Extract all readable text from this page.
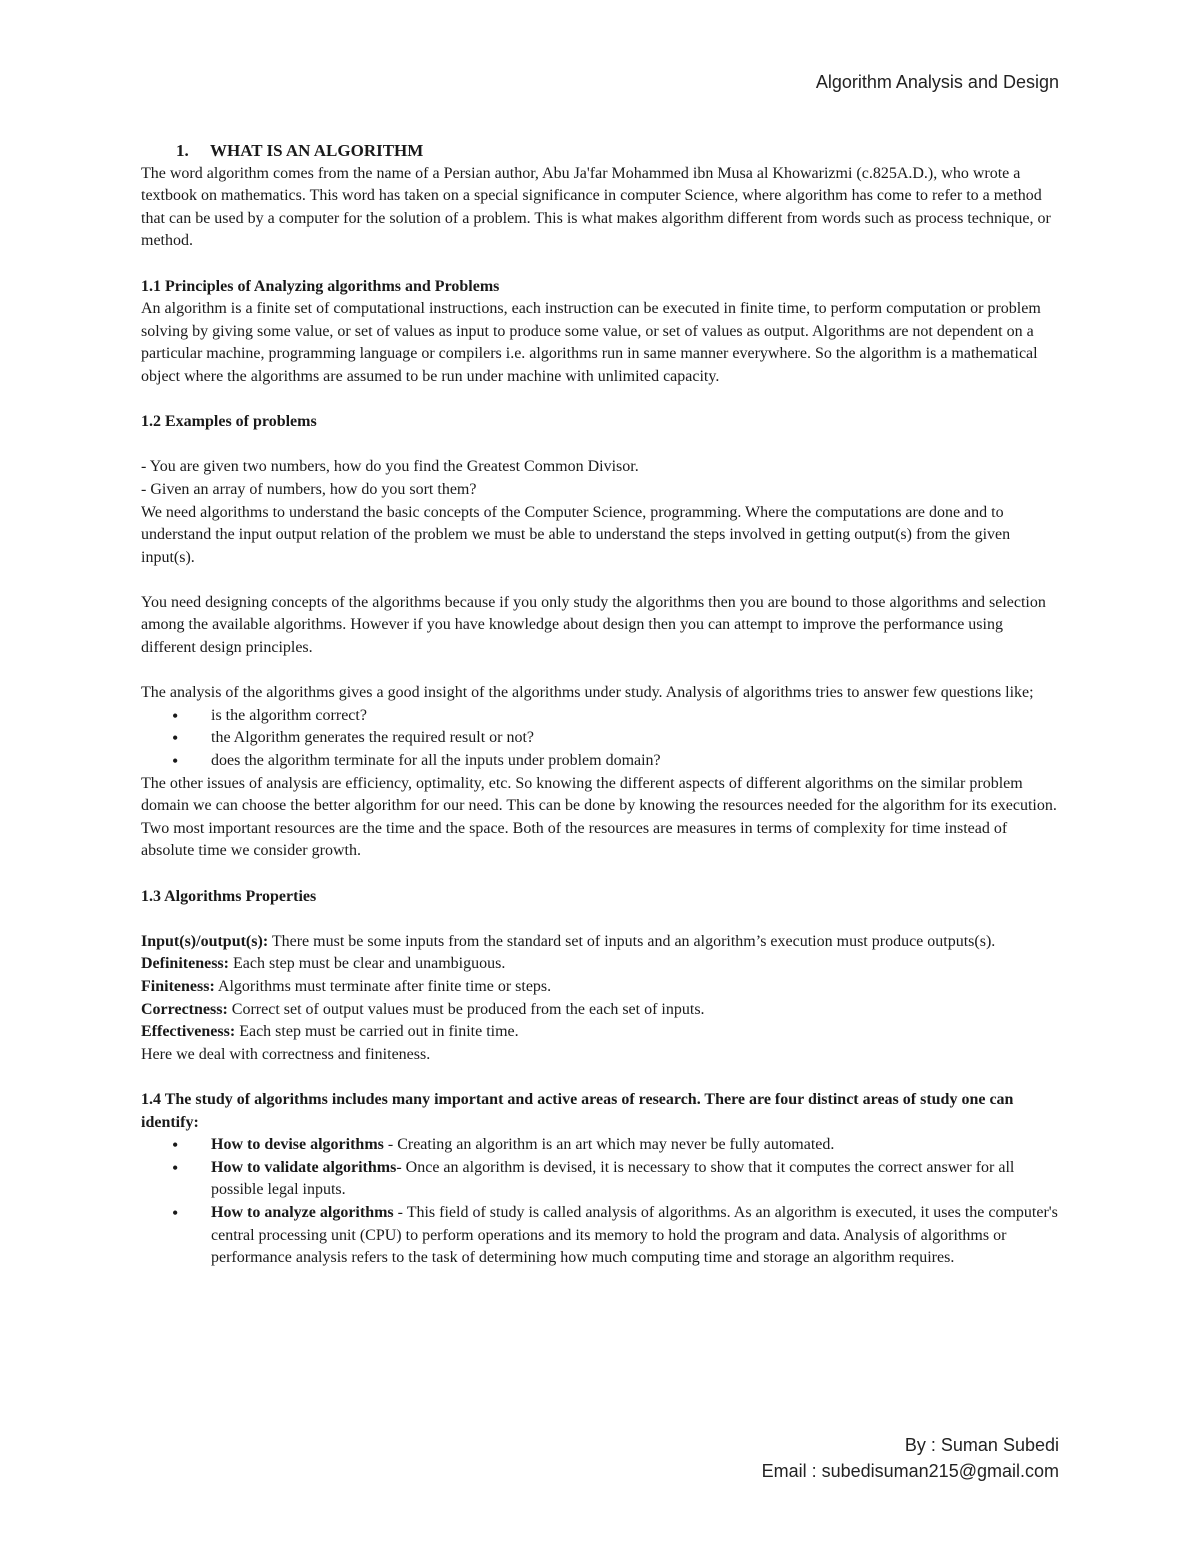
Algorithm Analysis and Design

1. WHAT IS AN ALGORITHM

The word algorithm comes from the name of a Persian author, Abu Ja'far Mohammed ibn Musa al Khowarizmi (c.825A.D.), who wrote a textbook on mathematics. This word has taken on a special significance in computer Science, where algorithm has come to refer to a method that can be used by a computer for the solution of a problem. This is what makes algorithm different from words such as process technique, or method.

1.1 Principles of Analyzing algorithms and Problems

An algorithm is a finite set of computational instructions, each instruction can be executed in finite time, to perform computation or problem solving by giving some value, or set of values as input to produce some value, or set of values as output. Algorithms are not dependent on a particular machine, programming language or compilers i.e. algorithms run in same manner everywhere. So the algorithm is a mathematical object where the algorithms are assumed to be run under machine with unlimited capacity.

1.2 Examples of problems

- You are given two numbers, how do you find the Greatest Common Divisor.

- Given an array of numbers, how do you sort them?

We need algorithms to understand the basic concepts of the Computer Science, programming. Where the computations are done and to understand the input output relation of the problem we must be able to understand the steps involved in getting output(s) from the given input(s).

You need designing concepts of the algorithms because if you only study the algorithms then you are bound to those algorithms and selection among the available algorithms. However if you have knowledge about design then you can attempt to improve the performance using different design principles.

The analysis of the algorithms gives a good insight of the algorithms under study. Analysis of algorithms tries to answer few questions like;

• is the algorithm correct?
• the Algorithm generates the required result or not?
• does the algorithm terminate for all the inputs under problem domain?

The other issues of analysis are efficiency, optimality, etc. So knowing the different aspects of different algorithms on the similar problem domain we can choose the better algorithm for our need. This can be done by knowing the resources needed for the algorithm for its execution. Two most important resources are the time and the space. Both of the resources are measures in terms of complexity for time instead of absolute time we consider growth.

1.3 Algorithms Properties

Input(s)/output(s): There must be some inputs from the standard set of inputs and an algorithm’s execution must produce outputs(s).

Definiteness: Each step must be clear and unambiguous.

Finiteness: Algorithms must terminate after finite time or steps.

Correctness: Correct set of output values must be produced from the each set of inputs.

Effectiveness: Each step must be carried out in finite time.

Here we deal with correctness and finiteness.

1.4 The study of algorithms includes many important and active areas of research. There are four distinct areas of study one can identify:

• How to devise algorithms - Creating an algorithm is an art which may never be fully automated.
• How to validate algorithms- Once an algorithm is devised, it is necessary to show that it computes the correct answer for all possible legal inputs.
• How to analyze algorithms - This field of study is called analysis of algorithms. As an algorithm is executed, it uses the computer's central processing unit (CPU) to perform operations and its memory to hold the program and data. Analysis of algorithms or performance analysis refers to the task of determining how much computing time and storage an algorithm requires.
By : Suman Subedi
Email : subedisuman215@gmail.com
